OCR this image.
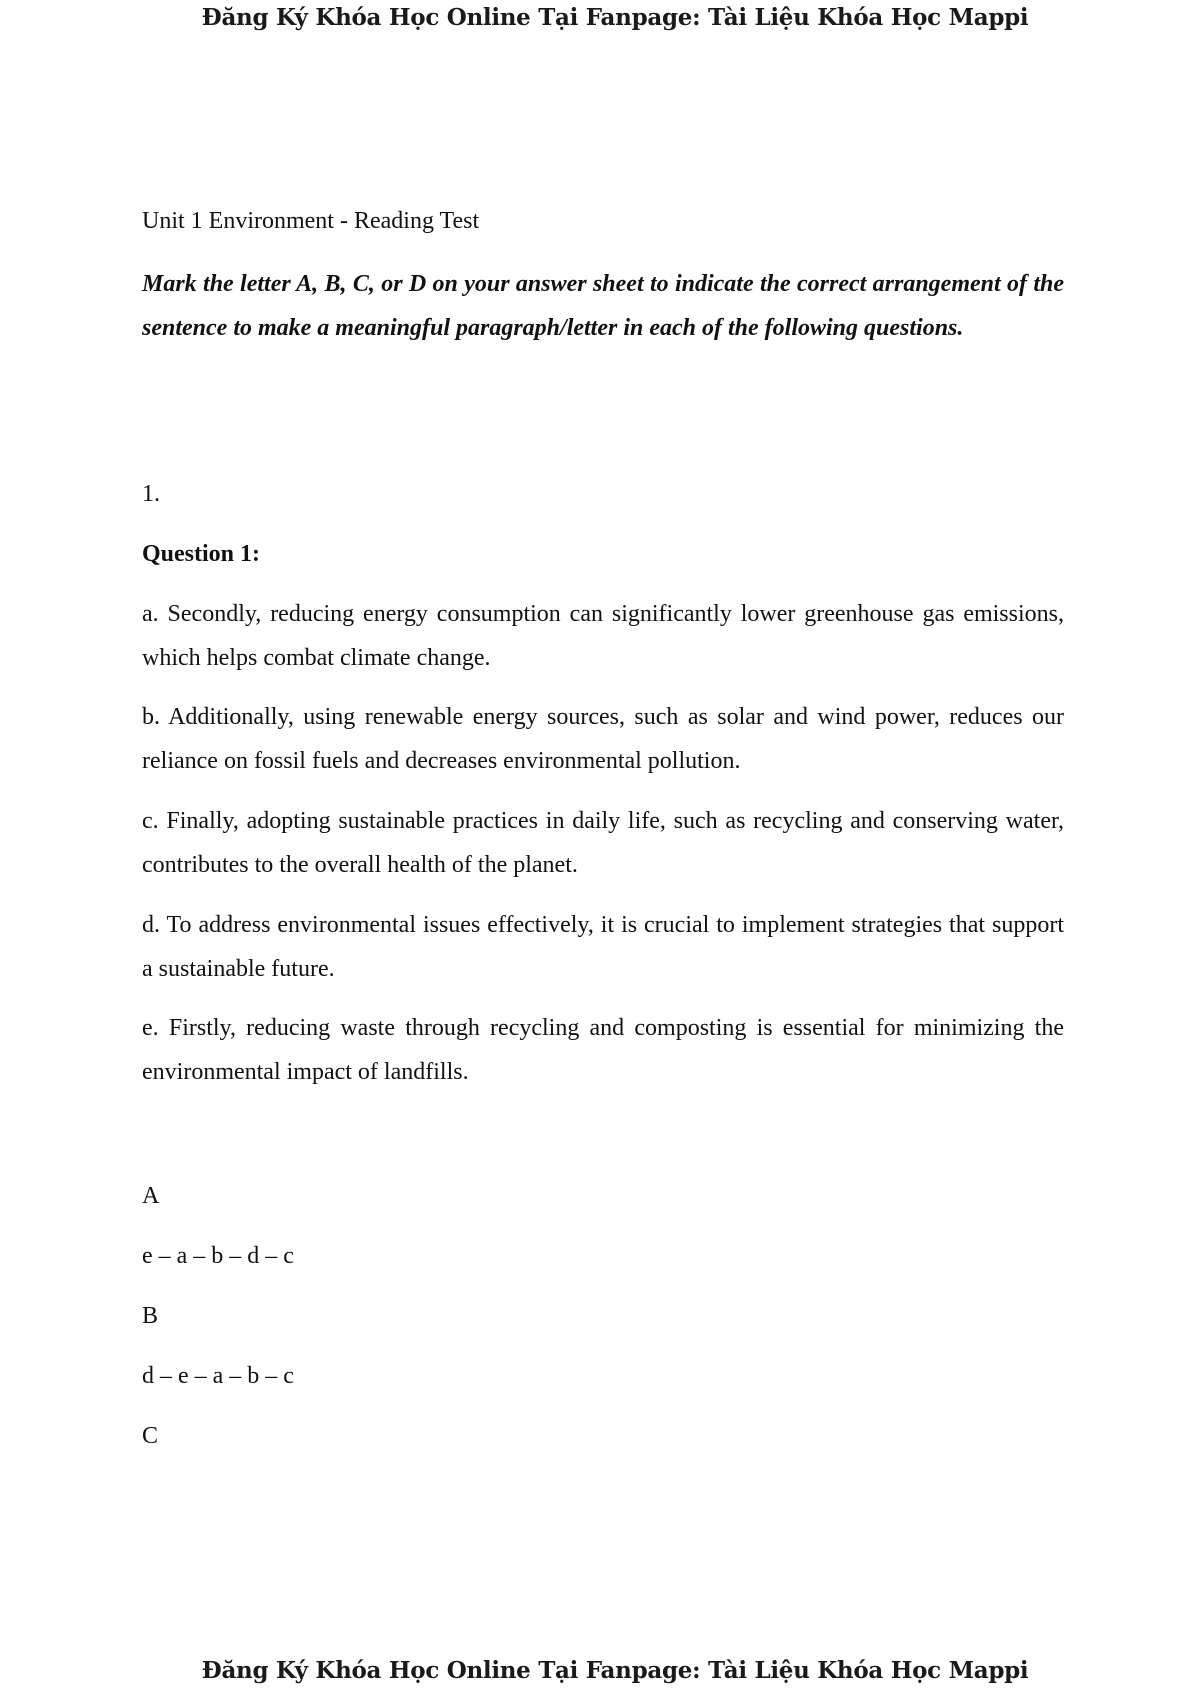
Đăng Ký Khóa Học Online Tại Fanpage: Tài Liệu Khóa Học Mappi
Unit 1 Environment - Reading Test
Mark the letter A, B, C, or D on your answer sheet to indicate the correct arrangement of the sentence to make a meaningful paragraph/letter in each of the following questions.
1.
Question 1:
a. Secondly, reducing energy consumption can significantly lower greenhouse gas emissions, which helps combat climate change.
b. Additionally, using renewable energy sources, such as solar and wind power, reduces our reliance on fossil fuels and decreases environmental pollution.
c. Finally, adopting sustainable practices in daily life, such as recycling and conserving water, contributes to the overall health of the planet.
d. To address environmental issues effectively, it is crucial to implement strategies that support a sustainable future.
e. Firstly, reducing waste through recycling and composting is essential for minimizing the environmental impact of landfills.
A
e – a – b – d – c
B
d – e – a – b – c
C
Đăng Ký Khóa Học Online Tại Fanpage: Tài Liệu Khóa Học Mappi
